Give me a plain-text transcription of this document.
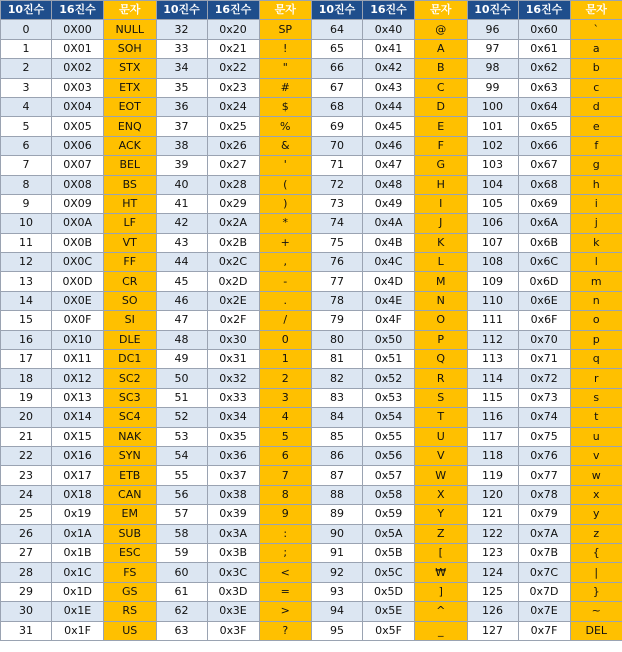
10진수	16진수	문자	10진수	16진수	문자	10진수	16진수	문자	10진수	16진수	문자
0	0X00	NULL	32	0x20	SP	64	0x40	@	96	0x60	`
1	0X01	SOH	33	0x21	!	65	0x41	A	97	0x61	a
2	0X02	STX	34	0x22	"	66	0x42	B	98	0x62	b
3	0X03	ETX	35	0x23	#	67	0x43	C	99	0x63	c
4	0X04	EOT	36	0x24	$	68	0x44	D	100	0x64	d
5	0X05	ENQ	37	0x25	%	69	0x45	E	101	0x65	e
6	0X06	ACK	38	0x26	&	70	0x46	F	102	0x66	f
7	0X07	BEL	39	0x27	'	71	0x47	G	103	0x67	g
8	0X08	BS	40	0x28	(	72	0x48	H	104	0x68	h
9	0X09	HT	41	0x29	)	73	0x49	I	105	0x69	i
10	0X0A	LF	42	0x2A	*	74	0x4A	J	106	0x6A	j
11	0X0B	VT	43	0x2B	+	75	0x4B	K	107	0x6B	k
12	0X0C	FF	44	0x2C	,	76	0x4C	L	108	0x6C	l
13	0X0D	CR	45	0x2D	-	77	0x4D	M	109	0x6D	m
14	0X0E	SO	46	0x2E	.	78	0x4E	N	110	0x6E	n
15	0X0F	SI	47	0x2F	/	79	0x4F	O	111	0x6F	o
16	0X10	DLE	48	0x30	0	80	0x50	P	112	0x70	p
17	0X11	DC1	49	0x31	1	81	0x51	Q	113	0x71	q
18	0X12	SC2	50	0x32	2	82	0x52	R	114	0x72	r
19	0X13	SC3	51	0x33	3	83	0x53	S	115	0x73	s
20	0X14	SC4	52	0x34	4	84	0x54	T	116	0x74	t
21	0X15	NAK	53	0x35	5	85	0x55	U	117	0x75	u
22	0X16	SYN	54	0x36	6	86	0x56	V	118	0x76	v
23	0X17	ETB	55	0x37	7	87	0x57	W	119	0x77	w
24	0X18	CAN	56	0x38	8	88	0x58	X	120	0x78	x
25	0x19	EM	57	0x39	9	89	0x59	Y	121	0x79	y
26	0x1A	SUB	58	0x3A	:	90	0x5A	Z	122	0x7A	z
27	0x1B	ESC	59	0x3B	;	91	0x5B	[	123	0x7B	{
28	0x1C	FS	60	0x3C	<	92	0x5C	₩	124	0x7C	|
29	0x1D	GS	61	0x3D	=	93	0x5D	]	125	0x7D	}
30	0x1E	RS	62	0x3E	>	94	0x5E	^	126	0x7E	~
31	0x1F	US	63	0x3F	?	95	0x5F	_	127	0x7F	DEL
